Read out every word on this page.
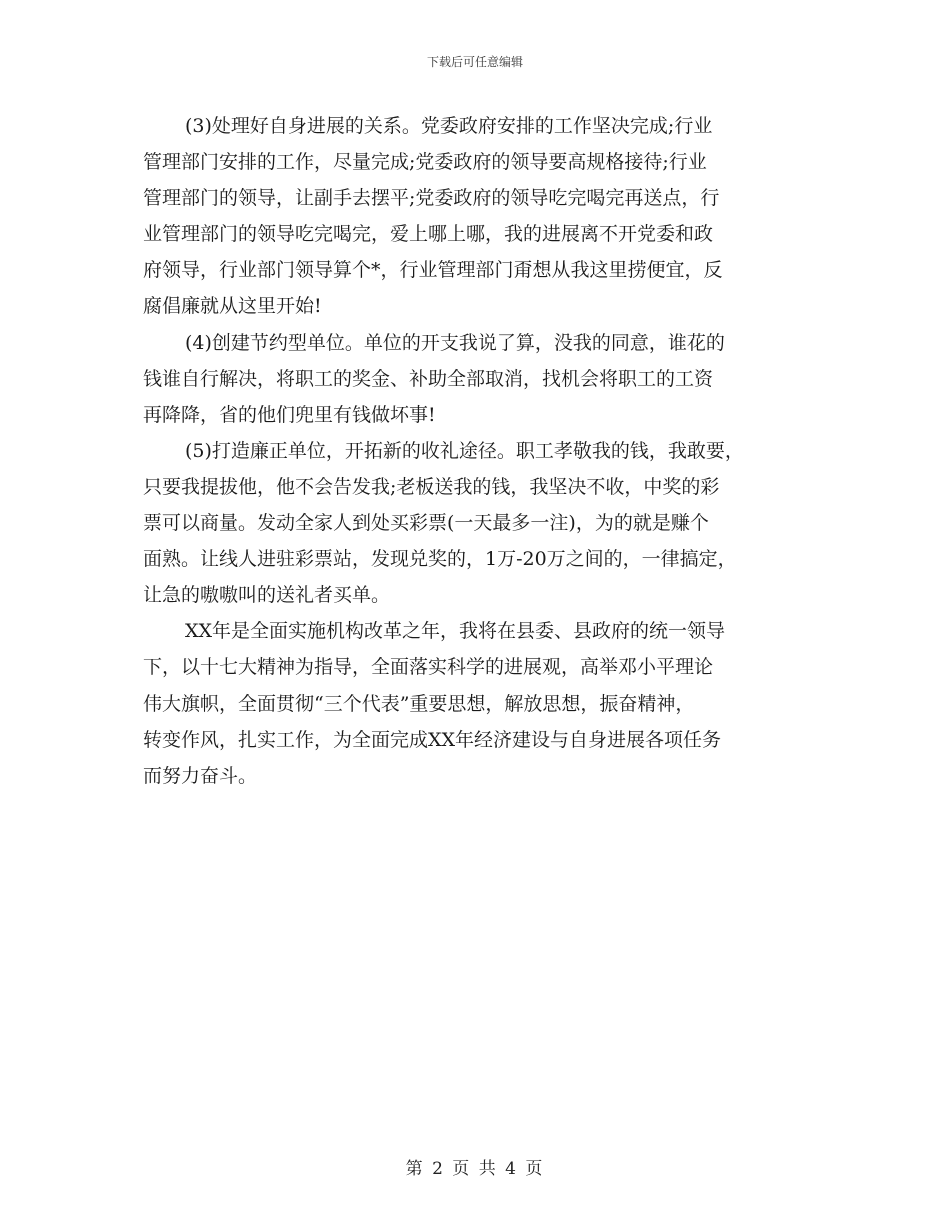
下载后可任意编辑
(3)处理好自身进展的关系。党委政府安排的工作坚决完成;行业
管理部门安排的工作，尽量完成;党委政府的领导要高规格接待;行业
管理部门的领导，让副手去摆平;党委政府的领导吃完喝完再送点，行
业管理部门的领导吃完喝完，爱上哪上哪，我的进展离不开党委和政
府领导，行业部门领导算个*，行业管理部门甭想从我这里捞便宜，反
腐倡廉就从这里开始!
(4)创建节约型单位。单位的开支我说了算，没我的同意，谁花的
钱谁自行解决，将职工的奖金、补助全部取消，找机会将职工的工资
再降降，省的他们兜里有钱做坏事!
(5)打造廉正单位，开拓新的收礼途径。职工孝敬我的钱，我敢要，
只要我提拔他，他不会告发我;老板送我的钱，我坚决不收，中奖的彩
票可以商量。发动全家人到处买彩票(一天最多一注)，为的就是赚个
面熟。让线人进驻彩票站，发现兑奖的，1万-20万之间的，一律搞定，
让急的嗷嗷叫的送礼者买单。
XX年是全面实施机构改革之年，我将在县委、县政府的统一领导
下，以十七大精神为指导，全面落实科学的进展观，高举邓小平理论
伟大旗帜，全面贯彻“三个代表”重要思想，解放思想，振奋精神，
转变作风，扎实工作，为全面完成XX年经济建设与自身进展各项任务
而努力奋斗。
第 2 页 共 4 页
